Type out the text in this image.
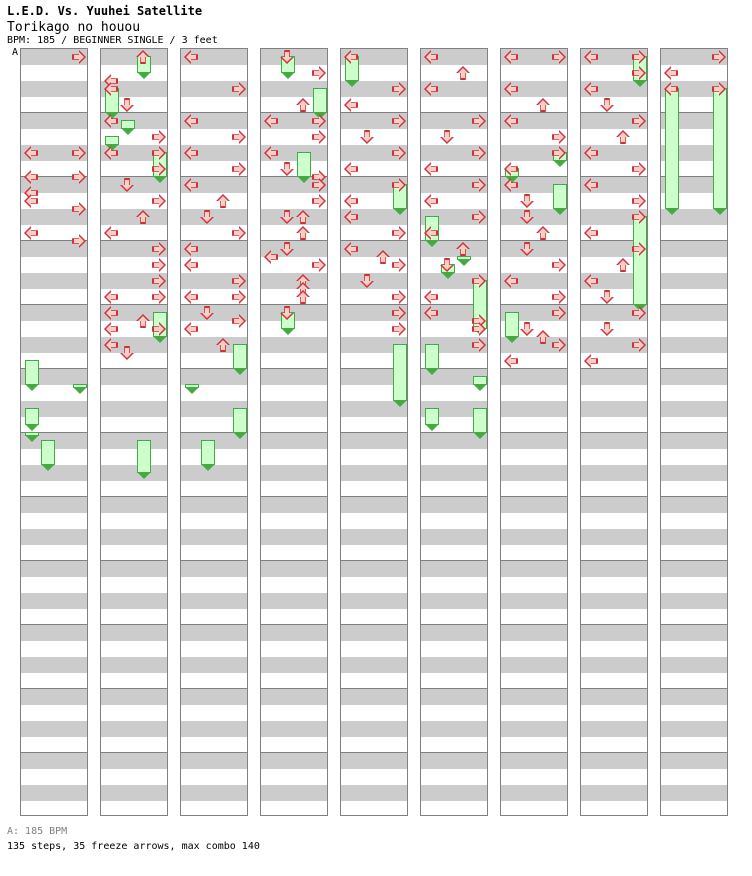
L.E.D. Vs. Yuuhei Satellite
Torikago no houou
BPM: 185 / BEGINNER SINGLE / 3 feet
A
A: 185 BPM
135 steps, 35 freeze arrows, max combo 140
